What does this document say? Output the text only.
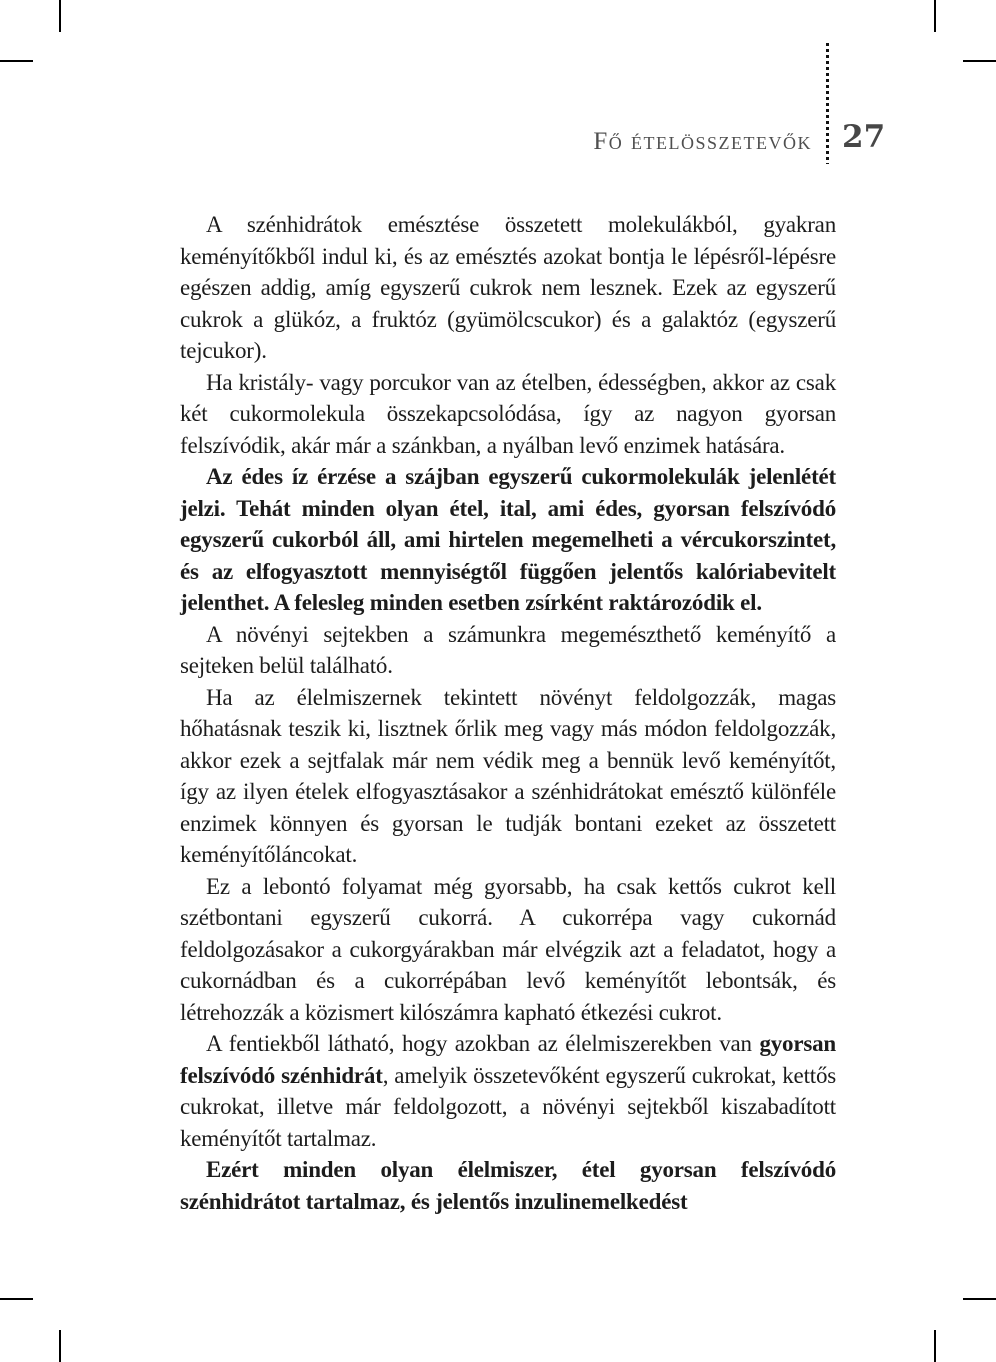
Fő ételösszetevők 27

A szénhidrátok emésztése összetett molekulákból, gyakran keményítőkből indul ki, és az emésztés azokat bontja le lépésről-lépésre egészen addig, amíg egyszerű cukrok nem lesznek. Ezek az egyszerű cukrok a glükóz, a fruktóz (gyümölcscukor) és a galaktóz (egyszerű tejcukor).

Ha kristály- vagy porcukor van az ételben, édességben, akkor az csak két cukormolekula összekapcsolódása, így az nagyon gyorsan felszívódik, akár már a szánkban, a nyálban levő enzimek hatására.

Az édes íz érzése a szájban egyszerű cukormolekulák jelenlétét jelzi. Tehát minden olyan étel, ital, ami édes, gyorsan felszívódó egyszerű cukorból áll, ami hirtelen megemelheti a vércukorszintet, és az elfogyasztott mennyiségtől függően jelentős kalóriabevitelt jelenthet. A felesleg minden esetben zsírként raktározódik el.

A növényi sejtekben a számunkra megemészthető keményítő a sejteken belül található.

Ha az élelmiszernek tekintett növényt feldolgozzák, magas hőhatásnak teszik ki, lisztnek őrlik meg vagy más módon feldolgozzák, akkor ezek a sejtfalak már nem védik meg a bennük levő keményítőt, így az ilyen ételek elfogyasztásakor a szénhidrátokat emésztő különféle enzimek könnyen és gyorsan le tudják bontani ezeket az összetett keményítőláncokat.

Ez a lebontó folyamat még gyorsabb, ha csak kettős cukrot kell szétbontani egyszerű cukorrá. A cukorrépa vagy cukornád feldolgozásakor a cukorgyárakban már elvégzik azt a feladatot, hogy a cukornádban és a cukorrépában levő keményítőt lebontsák, és létrehozzák a közismert kilószámra kapható étkezési cukrot.

A fentiekből látható, hogy azokban az élelmiszerekben van gyorsan felszívódó szénhidrát, amelyik összetevőként egyszerű cukrokat, kettős cukrokat, illetve már feldolgozott, a növényi sejtekből kiszabadított keményítőt tartalmaz.

Ezért minden olyan élelmiszer, étel gyorsan felszívódó szénhidrátot tartalmaz, és jelentős inzulinemelkedést
